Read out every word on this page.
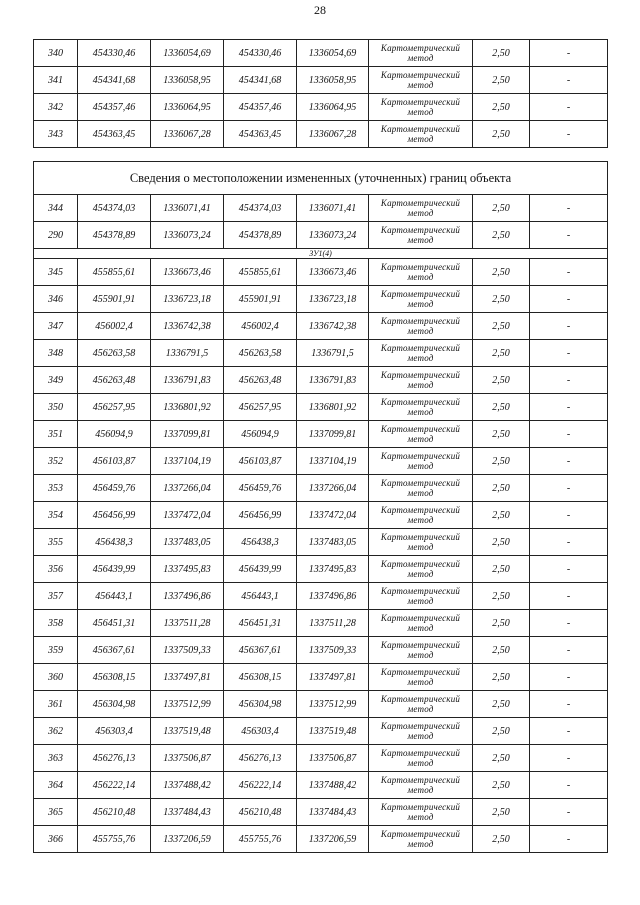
28
340	454330,46	1336054,69	454330,46	1336054,69	Картометрический метод	2,50	-
341	454341,68	1336058,95	454341,68	1336058,95	Картометрический метод	2,50	-
342	454357,46	1336064,95	454357,46	1336064,95	Картометрический метод	2,50	-
343	454363,45	1336067,28	454363,45	1336067,28	Картометрический метод	2,50	-
Сведения о местоположении измененных (уточненных) границ объекта							
344	454374,03	1336071,41	454374,03	1336071,41	Картометрический метод	2,50	-
290	454378,89	1336073,24	454378,89	1336073,24	Картометрический метод	2,50	-
ЗУ1(4)							
345	455855,61	1336673,46	455855,61	1336673,46	Картометрический метод	2,50	-
346	455901,91	1336723,18	455901,91	1336723,18	Картометрический метод	2,50	-
347	456002,4	1336742,38	456002,4	1336742,38	Картометрический метод	2,50	-
348	456263,58	1336791,5	456263,58	1336791,5	Картометрический метод	2,50	-
349	456263,48	1336791,83	456263,48	1336791,83	Картометрический метод	2,50	-
350	456257,95	1336801,92	456257,95	1336801,92	Картометрический метод	2,50	-
351	456094,9	1337099,81	456094,9	1337099,81	Картометрический метод	2,50	-
352	456103,87	1337104,19	456103,87	1337104,19	Картометрический метод	2,50	-
353	456459,76	1337266,04	456459,76	1337266,04	Картометрический метод	2,50	-
354	456456,99	1337472,04	456456,99	1337472,04	Картометрический метод	2,50	-
355	456438,3	1337483,05	456438,3	1337483,05	Картометрический метод	2,50	-
356	456439,99	1337495,83	456439,99	1337495,83	Картометрический метод	2,50	-
357	456443,1	1337496,86	456443,1	1337496,86	Картометрический метод	2,50	-
358	456451,31	1337511,28	456451,31	1337511,28	Картометрический метод	2,50	-
359	456367,61	1337509,33	456367,61	1337509,33	Картометрический метод	2,50	-
360	456308,15	1337497,81	456308,15	1337497,81	Картометрический метод	2,50	-
361	456304,98	1337512,99	456304,98	1337512,99	Картометрический метод	2,50	-
362	456303,4	1337519,48	456303,4	1337519,48	Картометрический метод	2,50	-
363	456276,13	1337506,87	456276,13	1337506,87	Картометрический метод	2,50	-
364	456222,14	1337488,42	456222,14	1337488,42	Картометрический метод	2,50	-
365	456210,48	1337484,43	456210,48	1337484,43	Картометрический метод	2,50	-
366	455755,76	1337206,59	455755,76	1337206,59	Картометрический метод	2,50	-
